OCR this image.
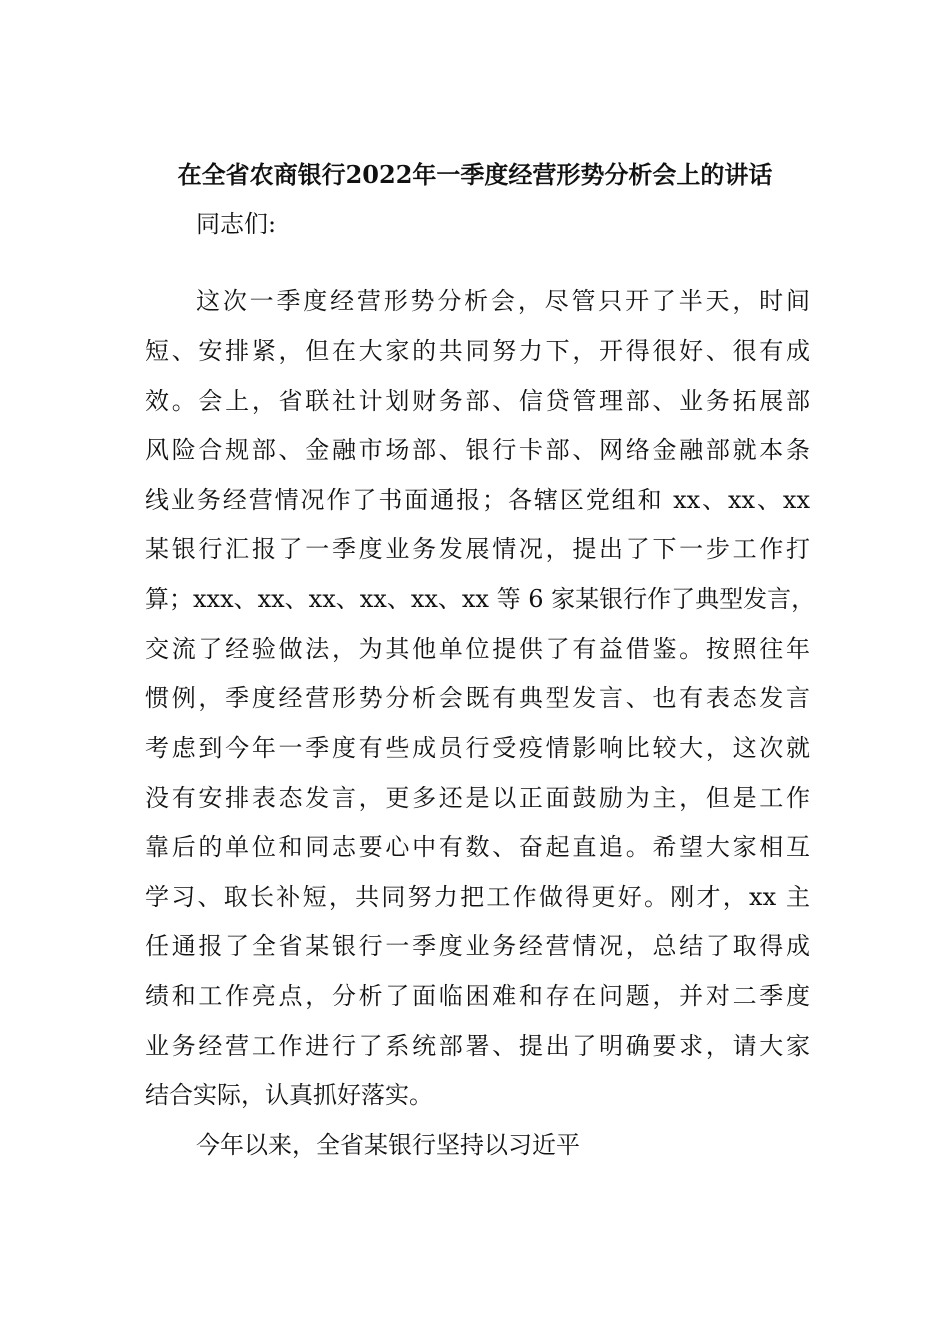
在全省农商银行2022年一季度经营形势分析会上的讲话
同志们:
这次一季度经营形势分析会，尽管只开了半天，时间
短、安排紧，但在大家的共同努力下，开得很好、很有成
效。会上，省联社计划财务部、信贷管理部、业务拓展部
风险合规部、金融市场部、银行卡部、网络金融部就本条
线业务经营情况作了书面通报；各辖区党组和 xx、xx、xx
某银行汇报了一季度业务发展情况，提出了下一步工作打
算；xxx、xx、xx、xx、xx、xx 等 6 家某银行作了典型发言，
交流了经验做法，为其他单位提供了有益借鉴。按照往年
惯例，季度经营形势分析会既有典型发言、也有表态发言
考虑到今年一季度有些成员行受疫情影响比较大，这次就
没有安排表态发言，更多还是以正面鼓励为主，但是工作
靠后的单位和同志要心中有数、奋起直追。希望大家相互
学习、取长补短，共同努力把工作做得更好。刚才，xx 主
任通报了全省某银行一季度业务经营情况，总结了取得成
绩和工作亮点，分析了面临困难和存在问题，并对二季度
业务经营工作进行了系统部署、提出了明确要求，请大家
结合实际，认真抓好落实。
今年以来，全省某银行坚持以习近平
